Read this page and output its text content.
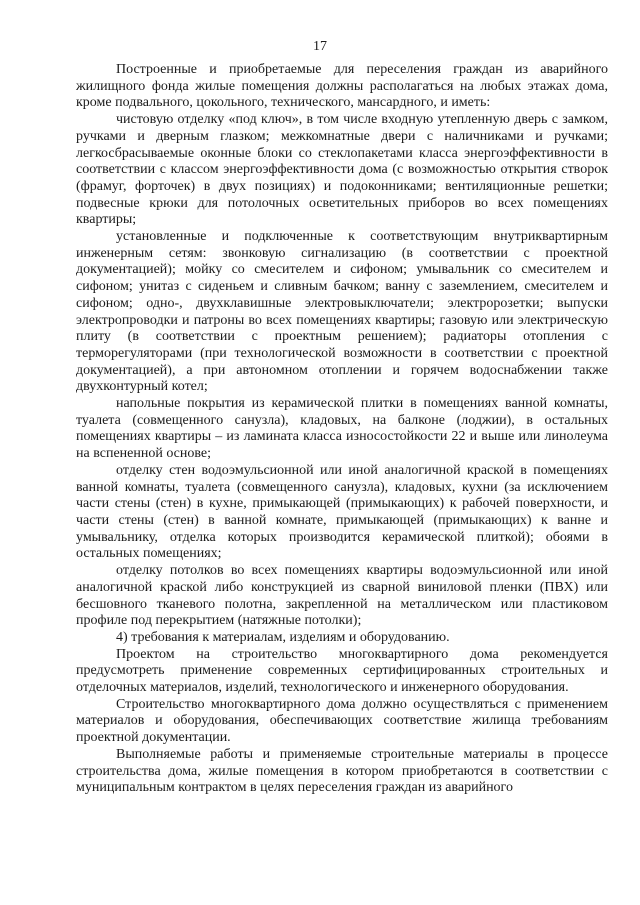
17

Построенные и приобретаемые для переселения граждан из аварийного жилищного фонда жилые помещения должны располагаться на любых этажах дома, кроме подвального, цокольного, технического, мансардного, и иметь:

чистовую отделку «под ключ», в том числе входную утепленную дверь с замком, ручками и дверным глазком; межкомнатные двери с наличниками и ручками; легкосбрасываемые оконные блоки со стеклопакетами класса энергоэффективности в соответствии с классом энергоэффективности дома (с возможностью открытия створок (фрамуг, форточек) в двух позициях) и подоконниками; вентиляционные решетки; подвесные крюки для потолочных осветительных приборов во всех помещениях квартиры;

установленные и подключенные к соответствующим внутриквартирным инженерным сетям: звонковую сигнализацию (в соответствии с проектной документацией); мойку со смесителем и сифоном; умывальник со смесителем и сифоном; унитаз с сиденьем и сливным бачком; ванну с заземлением, смесителем и сифоном; одно-, двухклавишные электровыключатели; электророзетки; выпуски электропроводки и патроны во всех помещениях квартиры; газовую или электрическую плиту (в соответствии с проектным решением); радиаторы отопления с терморегуляторами (при технологической возможности в соответствии с проектной документацией), а при автономном отоплении и горячем водоснабжении также двухконтурный котел;

напольные покрытия из керамической плитки в помещениях ванной комнаты, туалета (совмещенного санузла), кладовых, на балконе (лоджии), в остальных помещениях квартиры – из ламината класса износостойкости 22 и выше или линолеума на вспененной основе;

отделку стен водоэмульсионной или иной аналогичной краской в помещениях ванной комнаты, туалета (совмещенного санузла), кладовых, кухни (за исключением части стены (стен) в кухне, примыкающей (примыкающих) к рабочей поверхности, и части стены (стен) в ванной комнате, примыкающей (примыкающих) к ванне и умывальнику, отделка которых производится керамической плиткой); обоями в остальных помещениях;

отделку потолков во всех помещениях квартиры водоэмульсионной или иной аналогичной краской либо конструкцией из сварной виниловой пленки (ПВХ) или бесшовного тканевого полотна, закрепленной на металлическом или пластиковом профиле под перекрытием (натяжные потолки);

4) требования к материалам, изделиям и оборудованию.

Проектом на строительство многоквартирного дома рекомендуется предусмотреть применение современных сертифицированных строительных и отделочных материалов, изделий, технологического и инженерного оборудования.

Строительство многоквартирного дома должно осуществляться с применением материалов и оборудования, обеспечивающих соответствие жилища требованиям проектной документации.

Выполняемые работы и применяемые строительные материалы в процессе строительства дома, жилые помещения в котором приобретаются в соответствии с муниципальным контрактом в целях переселения граждан из аварийного
